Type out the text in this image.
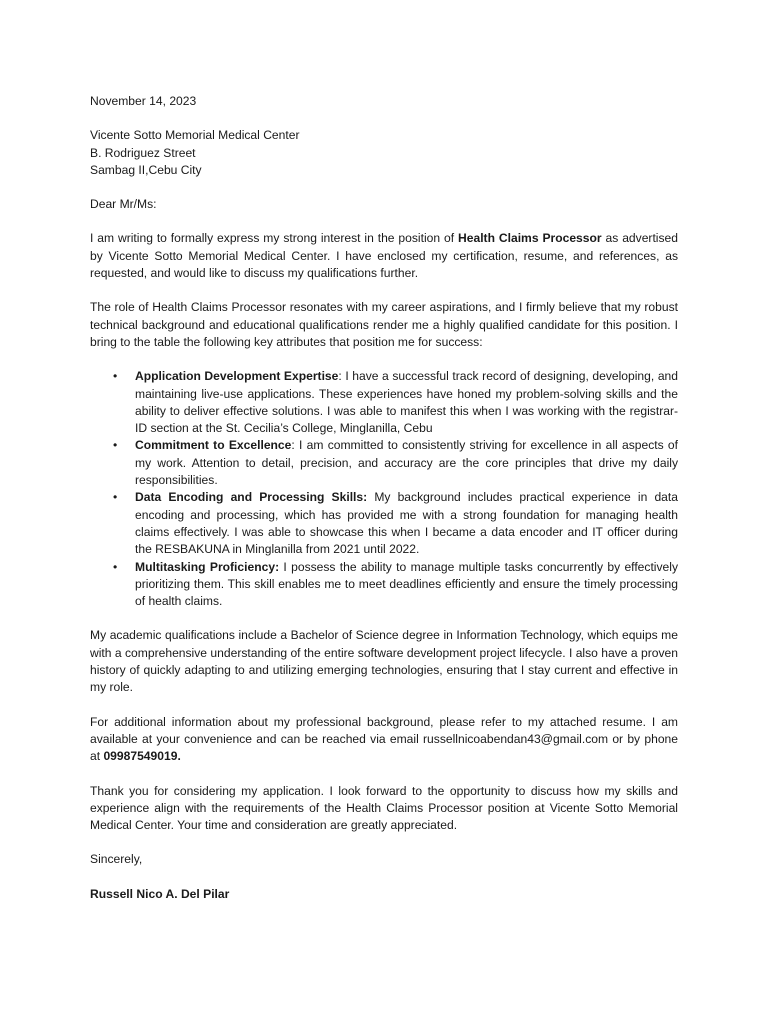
November 14, 2023

Vicente Sotto Memorial Medical Center

B. Rodriguez Street

Sambag II,Cebu City

Dear Mr/Ms:

I am writing to formally express my strong interest in the position of Health Claims Processor as advertised by Vicente Sotto Memorial Medical Center. I have enclosed my certification, resume, and references, as requested, and would like to discuss my qualifications further.

The role of Health Claims Processor resonates with my career aspirations, and I firmly believe that my robust technical background and educational qualifications render me a highly qualified candidate for this position. I bring to the table the following key attributes that position me for success:

• Application Development Expertise: I have a successful track record of designing, developing, and maintaining live-use applications. These experiences have honed my problem-solving skills and the ability to deliver effective solutions. I was able to manifest this when I was working with the registrar-ID section at the St. Cecilia’s College, Minglanilla, Cebu
• Commitment to Excellence: I am committed to consistently striving for excellence in all aspects of my work. Attention to detail, precision, and accuracy are the core principles that drive my daily responsibilities.
• Data Encoding and Processing Skills: My background includes practical experience in data encoding and processing, which has provided me with a strong foundation for managing health claims effectively. I was able to showcase this when I became a data encoder and IT officer during the RESBAKUNA in Minglanilla from 2021 until 2022.
• Multitasking Proficiency: I possess the ability to manage multiple tasks concurrently by effectively prioritizing them. This skill enables me to meet deadlines efficiently and ensure the timely processing of health claims.

My academic qualifications include a Bachelor of Science degree in Information Technology, which equips me with a comprehensive understanding of the entire software development project lifecycle. I also have a proven history of quickly adapting to and utilizing emerging technologies, ensuring that I stay current and effective in my role.

For additional information about my professional background, please refer to my attached resume. I am available at your convenience and can be reached via email russellnicoabendan43@gmail.com or by phone at 09987549019.

Thank you for considering my application. I look forward to the opportunity to discuss how my skills and experience align with the requirements of the Health Claims Processor position at Vicente Sotto Memorial Medical Center. Your time and consideration are greatly appreciated.

Sincerely,

Russell Nico A. Del Pilar
